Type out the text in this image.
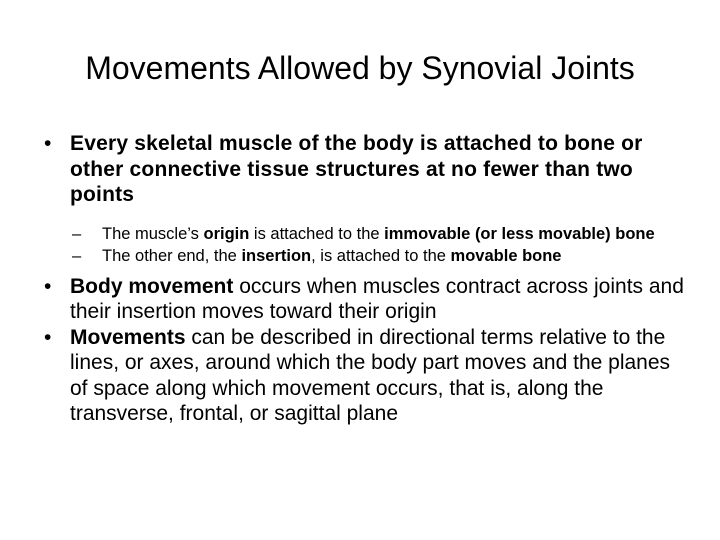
Movements Allowed by Synovial Joints
• Every skeletal muscle of the body is attached to bone or other connective tissue structures at no fewer than two points
– The muscle’s origin is attached to the immovable (or less movable) bone
– The other end, the insertion, is attached to the movable bone
• Body movement occurs when muscles contract across joints and their insertion moves toward their origin
• Movements can be described in directional terms relative to the lines, or axes, around which the body part moves and the planes of space along which movement occurs, that is, along the transverse, frontal, or sagittal plane
